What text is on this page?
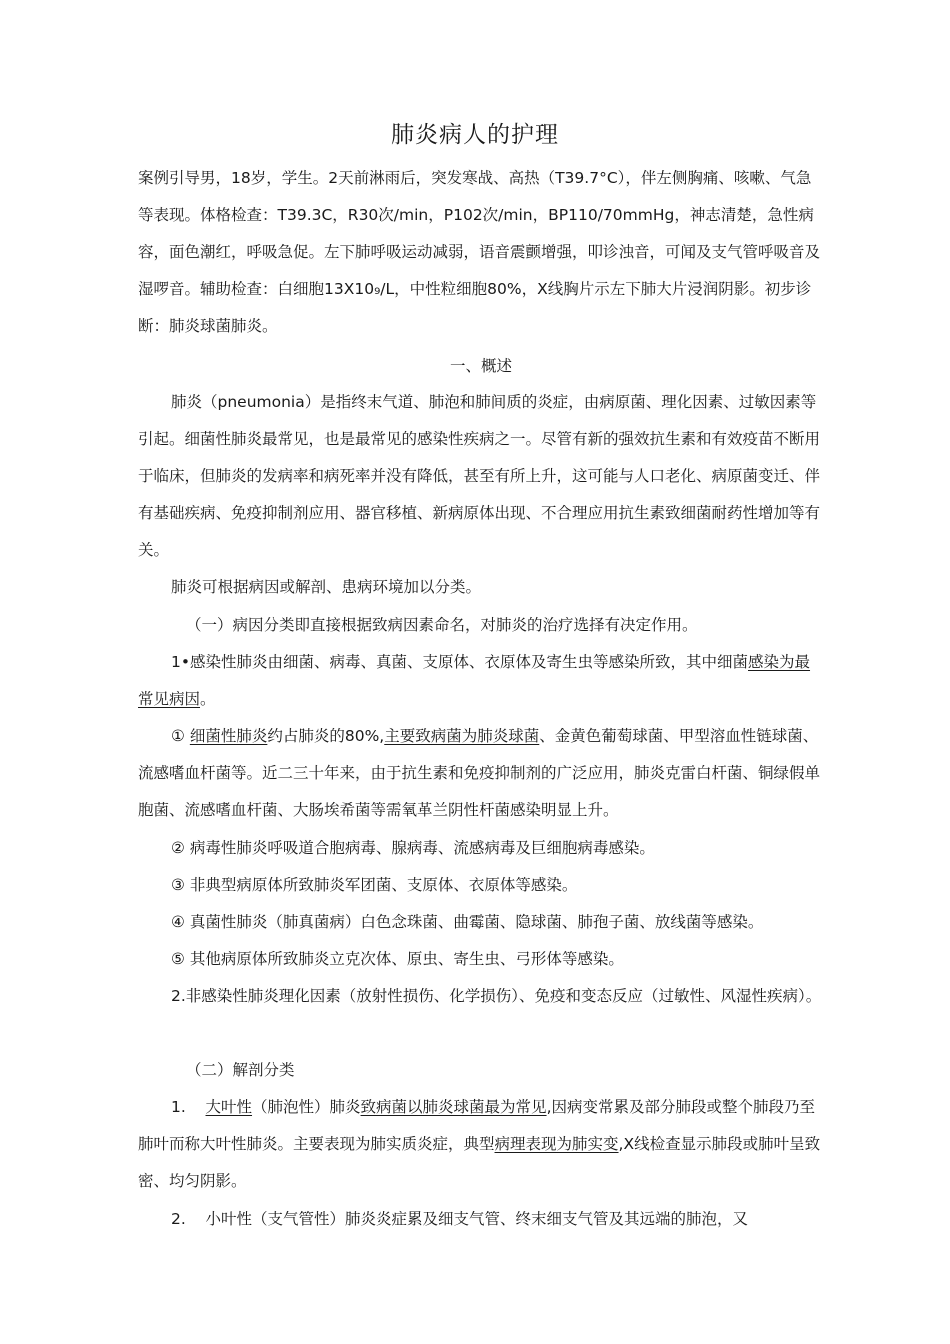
肺炎病人的护理

案例引导男，18岁，学生。2天前淋雨后，突发寒战、高热（T39.7°C），伴左侧胸痛、咳嗽、气急等表现。体格检查：T39.3C，R30次/min，P102次/min，BP110/70mmHg，神志清楚，急性病容，面色潮红，呼吸急促。左下肺呼吸运动减弱，语音震颤增强，叩诊浊音，可闻及支气管呼吸音及湿啰音。辅助检查：白细胞13X10₉/L，中性粒细胞80%，X线胸片示左下肺大片浸润阴影。初步诊断：肺炎球菌肺炎。

一、概述

肺炎（pneumonia）是指终末气道、肺泡和肺间质的炎症，由病原菌、理化因素、过敏因素等引起。细菌性肺炎最常见，也是最常见的感染性疾病之一。尽管有新的强效抗生素和有效疫苗不断用于临床，但肺炎的发病率和病死率并没有降低，甚至有所上升，这可能与人口老化、病原菌变迁、伴有基础疾病、免疫抑制剂应用、器官移植、新病原体出现、不合理应用抗生素致细菌耐药性增加等有关。

肺炎可根据病因或解剖、患病环境加以分类。

（一）病因分类即直接根据致病因素命名，对肺炎的治疗选择有决定作用。

1•感染性肺炎由细菌、病毒、真菌、支原体、衣原体及寄生虫等感染所致，其中细菌感染为最常见病因。

① 细菌性肺炎约占肺炎的80%,主要致病菌为肺炎球菌、金黄色葡萄球菌、甲型溶血性链球菌、流感嗜血杆菌等。近二三十年来，由于抗生素和免疫抑制剂的广泛应用，肺炎克雷白杆菌、铜绿假单胞菌、流感嗜血杆菌、大肠埃希菌等需氧革兰阴性杆菌感染明显上升。

② 病毒性肺炎呼吸道合胞病毒、腺病毒、流感病毒及巨细胞病毒感染。

③ 非典型病原体所致肺炎军团菌、支原体、衣原体等感染。

④ 真菌性肺炎（肺真菌病）白色念珠菌、曲霉菌、隐球菌、肺孢子菌、放线菌等感染。

⑤ 其他病原体所致肺炎立克次体、原虫、寄生虫、弓形体等感染。

2.非感染性肺炎理化因素（放射性损伤、化学损伤）、免疫和变态反应（过敏性、风湿性疾病）。

（二）解剖分类

1. 大叶性（肺泡性）肺炎致病菌以肺炎球菌最为常见,因病变常累及部分肺段或整个肺段乃至肺叶而称大叶性肺炎。主要表现为肺实质炎症，典型病理表现为肺实变,X线检查显示肺段或肺叶呈致密、均匀阴影。

2. 小叶性（支气管性）肺炎炎症累及细支气管、终末细支气管及其远端的肺泡，又
